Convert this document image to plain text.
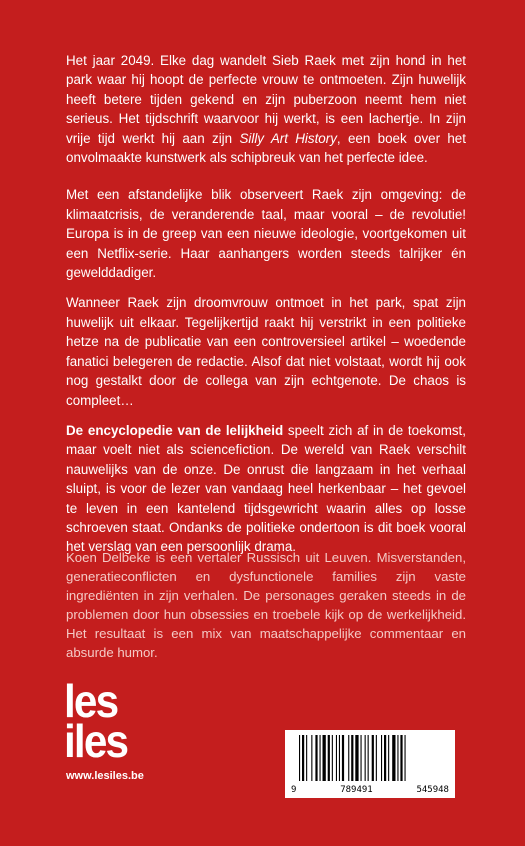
Het jaar 2049. Elke dag wandelt Sieb Raek met zijn hond in het park waar hij hoopt de perfecte vrouw te ontmoeten. Zijn huwelijk heeft betere tijden gekend en zijn puberzoon neemt hem niet serieus. Het tijdschrift waarvoor hij werkt, is een lachertje. In zijn vrije tijd werkt hij aan zijn Silly Art History, een boek over het onvolmaakte kunstwerk als schipbreuk van het perfecte idee.

Met een afstandelijke blik observeert Raek zijn omgeving: de klimaatcrisis, de veranderende taal, maar vooral – de revolutie! Europa is in de greep van een nieuwe ideologie, voortgekomen uit een Netflix-serie. Haar aanhangers worden steeds talrijker én gewelddadiger.

Wanneer Raek zijn droomvrouw ontmoet in het park, spat zijn huwelijk uit elkaar. Tegelijkertijd raakt hij verstrikt in een politieke hetze na de publicatie van een controversieel artikel – woedende fanatici belegeren de redactie. Alsof dat niet volstaat, wordt hij ook nog gestalkt door de collega van zijn echtgenote. De chaos is compleet…

De encyclopedie van de lelijkheid speelt zich af in de toekomst, maar voelt niet als sciencefiction. De wereld van Raek verschilt nauwelijks van de onze. De onrust die langzaam in het verhaal sluipt, is voor de lezer van vandaag heel herkenbaar – het gevoel te leven in een kantelend tijdsgewricht waarin alles op losse schroeven staat. Ondanks de politieke ondertoon is dit boek vooral het verslag van een persoonlijk drama.

Koen Delbeke is een vertaler Russisch uit Leuven. Misverstanden, generatieconflicten en dysfunctionele families zijn vaste ingrediënten in zijn verhalen. De personages geraken steeds in de problemen door hun obsessies en troebele kijk op de werkelijkheid. Het resultaat is een mix van maatschappelijke commentaar en absurde humor.

les
iles
www.lesiles.be
9	789491	545948
